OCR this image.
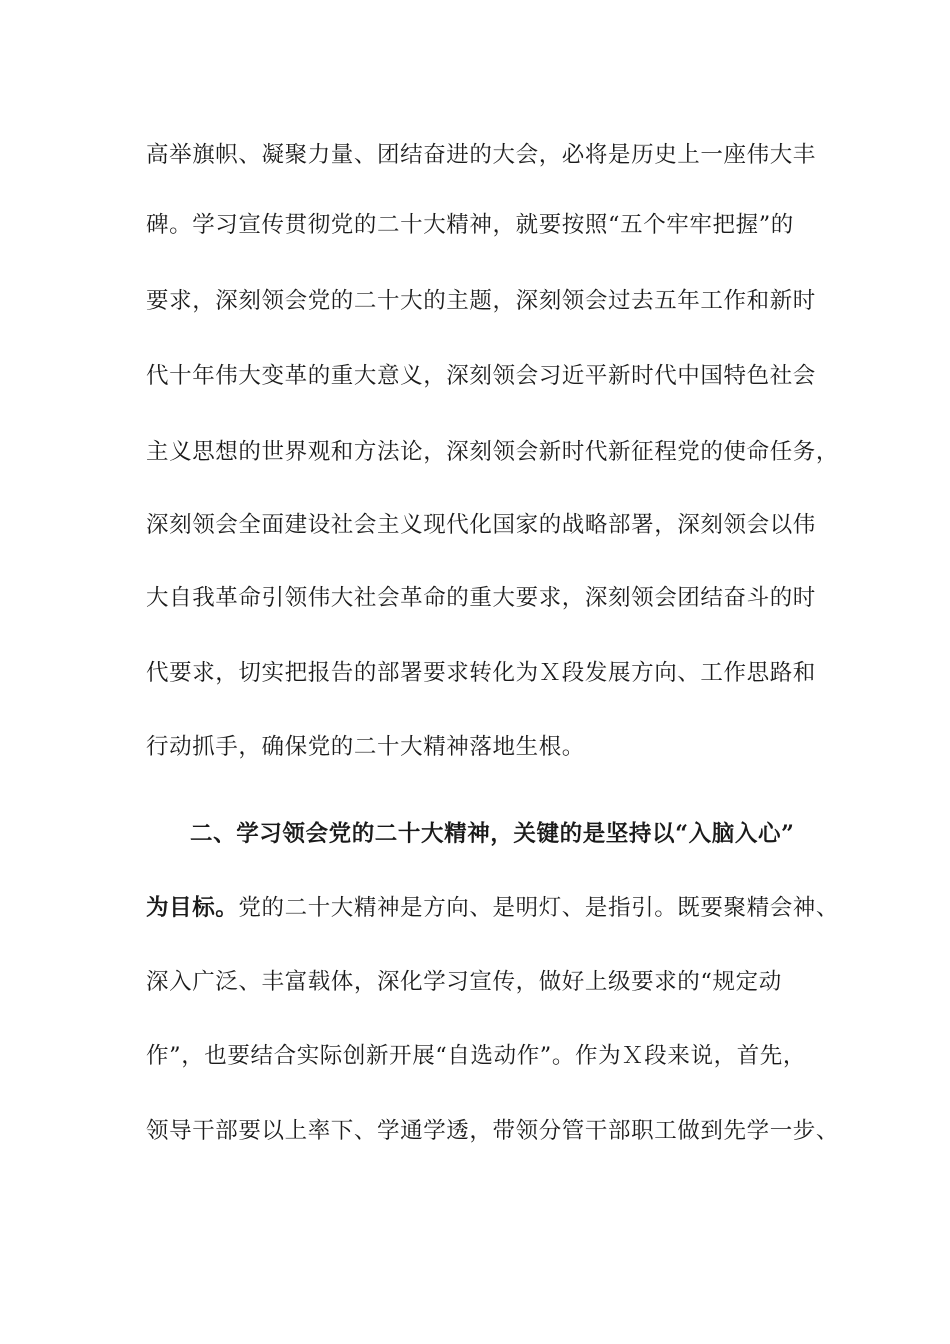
高举旗帜、凝聚力量、团结奋进的大会，必将是历史上一座伟大丰
碑。学习宣传贯彻党的二十大精神，就要按照“五个牢牢把握”的
要求，深刻领会党的二十大的主题，深刻领会过去五年工作和新时
代十年伟大变革的重大意义，深刻领会习近平新时代中国特色社会
主义思想的世界观和方法论，深刻领会新时代新征程党的使命任务，
深刻领会全面建设社会主义现代化国家的战略部署，深刻领会以伟
大自我革命引领伟大社会革命的重大要求，深刻领会团结奋斗的时
代要求，切实把报告的部署要求转化为Ｘ段发展方向、工作思路和
行动抓手，确保党的二十大精神落地生根。
二、学习领会党的二十大精神，关键的是坚持以“入脑入心”
为目标。党的二十大精神是方向、是明灯、是指引。既要聚精会神、
深入广泛、丰富载体，深化学习宣传，做好上级要求的“规定动
作”，也要结合实际创新开展“自选动作”。作为Ｘ段来说，首先，
领导干部要以上率下、学通学透，带领分管干部职工做到先学一步、
